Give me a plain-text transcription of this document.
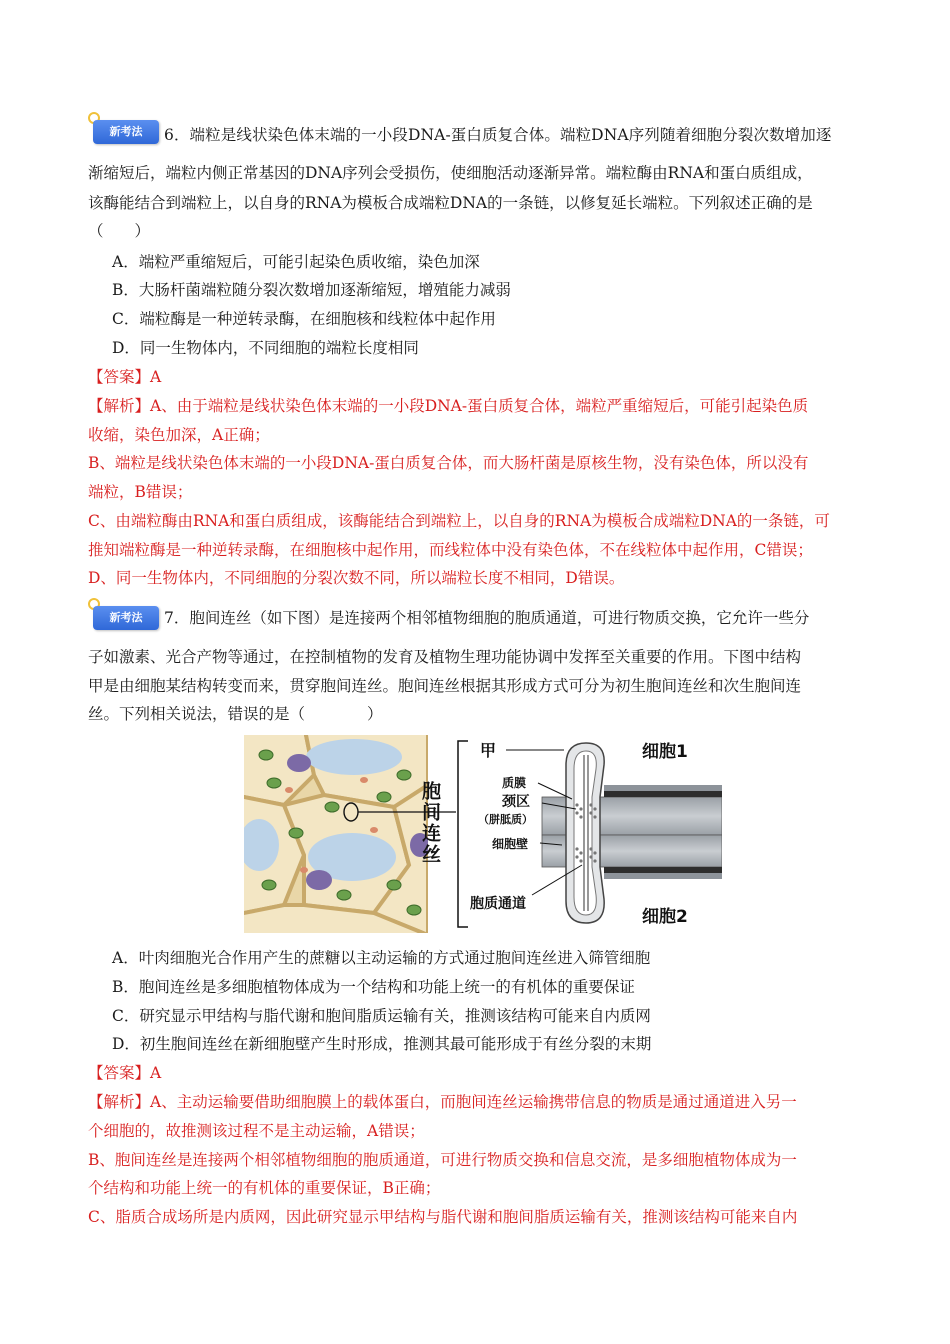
新考法	6．端粒是线状染色体末端的一小段DNA-蛋白质复合体。端粒DNA序列随着细胞分裂次数增加逐
渐缩短后，端粒内侧正常基因的DNA序列会受损伤，使细胞活动逐渐异常。端粒酶由RNA和蛋白质组成，
该酶能结合到端粒上，以自身的RNA为模板合成端粒DNA的一条链，以修复延长端粒。下列叙述正确的是
（　　）
A．端粒严重缩短后，可能引起染色质收缩，染色加深
B．大肠杆菌端粒随分裂次数增加逐渐缩短，增殖能力减弱
C．端粒酶是一种逆转录酶，在细胞核和线粒体中起作用
D．同一生物体内，不同细胞的端粒长度相同
【答案】A
【解析】A、由于端粒是线状染色体末端的一小段DNA-蛋白质复合体，端粒严重缩短后，可能引起染色质
收缩，染色加深，A正确；
B、端粒是线状染色体末端的一小段DNA-蛋白质复合体，而大肠杆菌是原核生物，没有染色体，所以没有
端粒，B错误；
C、由端粒酶由RNA和蛋白质组成，该酶能结合到端粒上，以自身的RNA为模板合成端粒DNA的一条链，可
推知端粒酶是一种逆转录酶，在细胞核中起作用，而线粒体中没有染色体，不在线粒体中起作用，C错误；
D、同一生物体内，不同细胞的分裂次数不同，所以端粒长度不相同，D错误。
新考法	7．胞间连丝（如下图）是连接两个相邻植物细胞的胞质通道，可进行物质交换，它允许一些分
子如激素、光合产物等通过，在控制植物的发育及植物生理功能协调中发挥至关重要的作用。下图中结构
甲是由细胞某结构转变而来，贯穿胞间连丝。胞间连丝根据其形成方式可分为初生胞间连丝和次生胞间连
丝。下列相关说法，错误的是（　　　　）
胞间连丝
甲	细胞1
质膜
颈区
（胼胝质）
细胞壁
胞质通道
细胞2
A．叶肉细胞光合作用产生的蔗糖以主动运输的方式通过胞间连丝进入筛管细胞
B．胞间连丝是多细胞植物体成为一个结构和功能上统一的有机体的重要保证
C．研究显示甲结构与脂代谢和胞间脂质运输有关，推测该结构可能来自内质网
D．初生胞间连丝在新细胞壁产生时形成，推测其最可能形成于有丝分裂的末期
【答案】A
【解析】A、主动运输要借助细胞膜上的载体蛋白，而胞间连丝运输携带信息的物质是通过通道进入另一
个细胞的，故推测该过程不是主动运输，A错误；
B、胞间连丝是连接两个相邻植物细胞的胞质通道，可进行物质交换和信息交流，是多细胞植物体成为一
个结构和功能上统一的有机体的重要保证，B正确；
C、脂质合成场所是内质网，因此研究显示甲结构与脂代谢和胞间脂质运输有关，推测该结构可能来自内
